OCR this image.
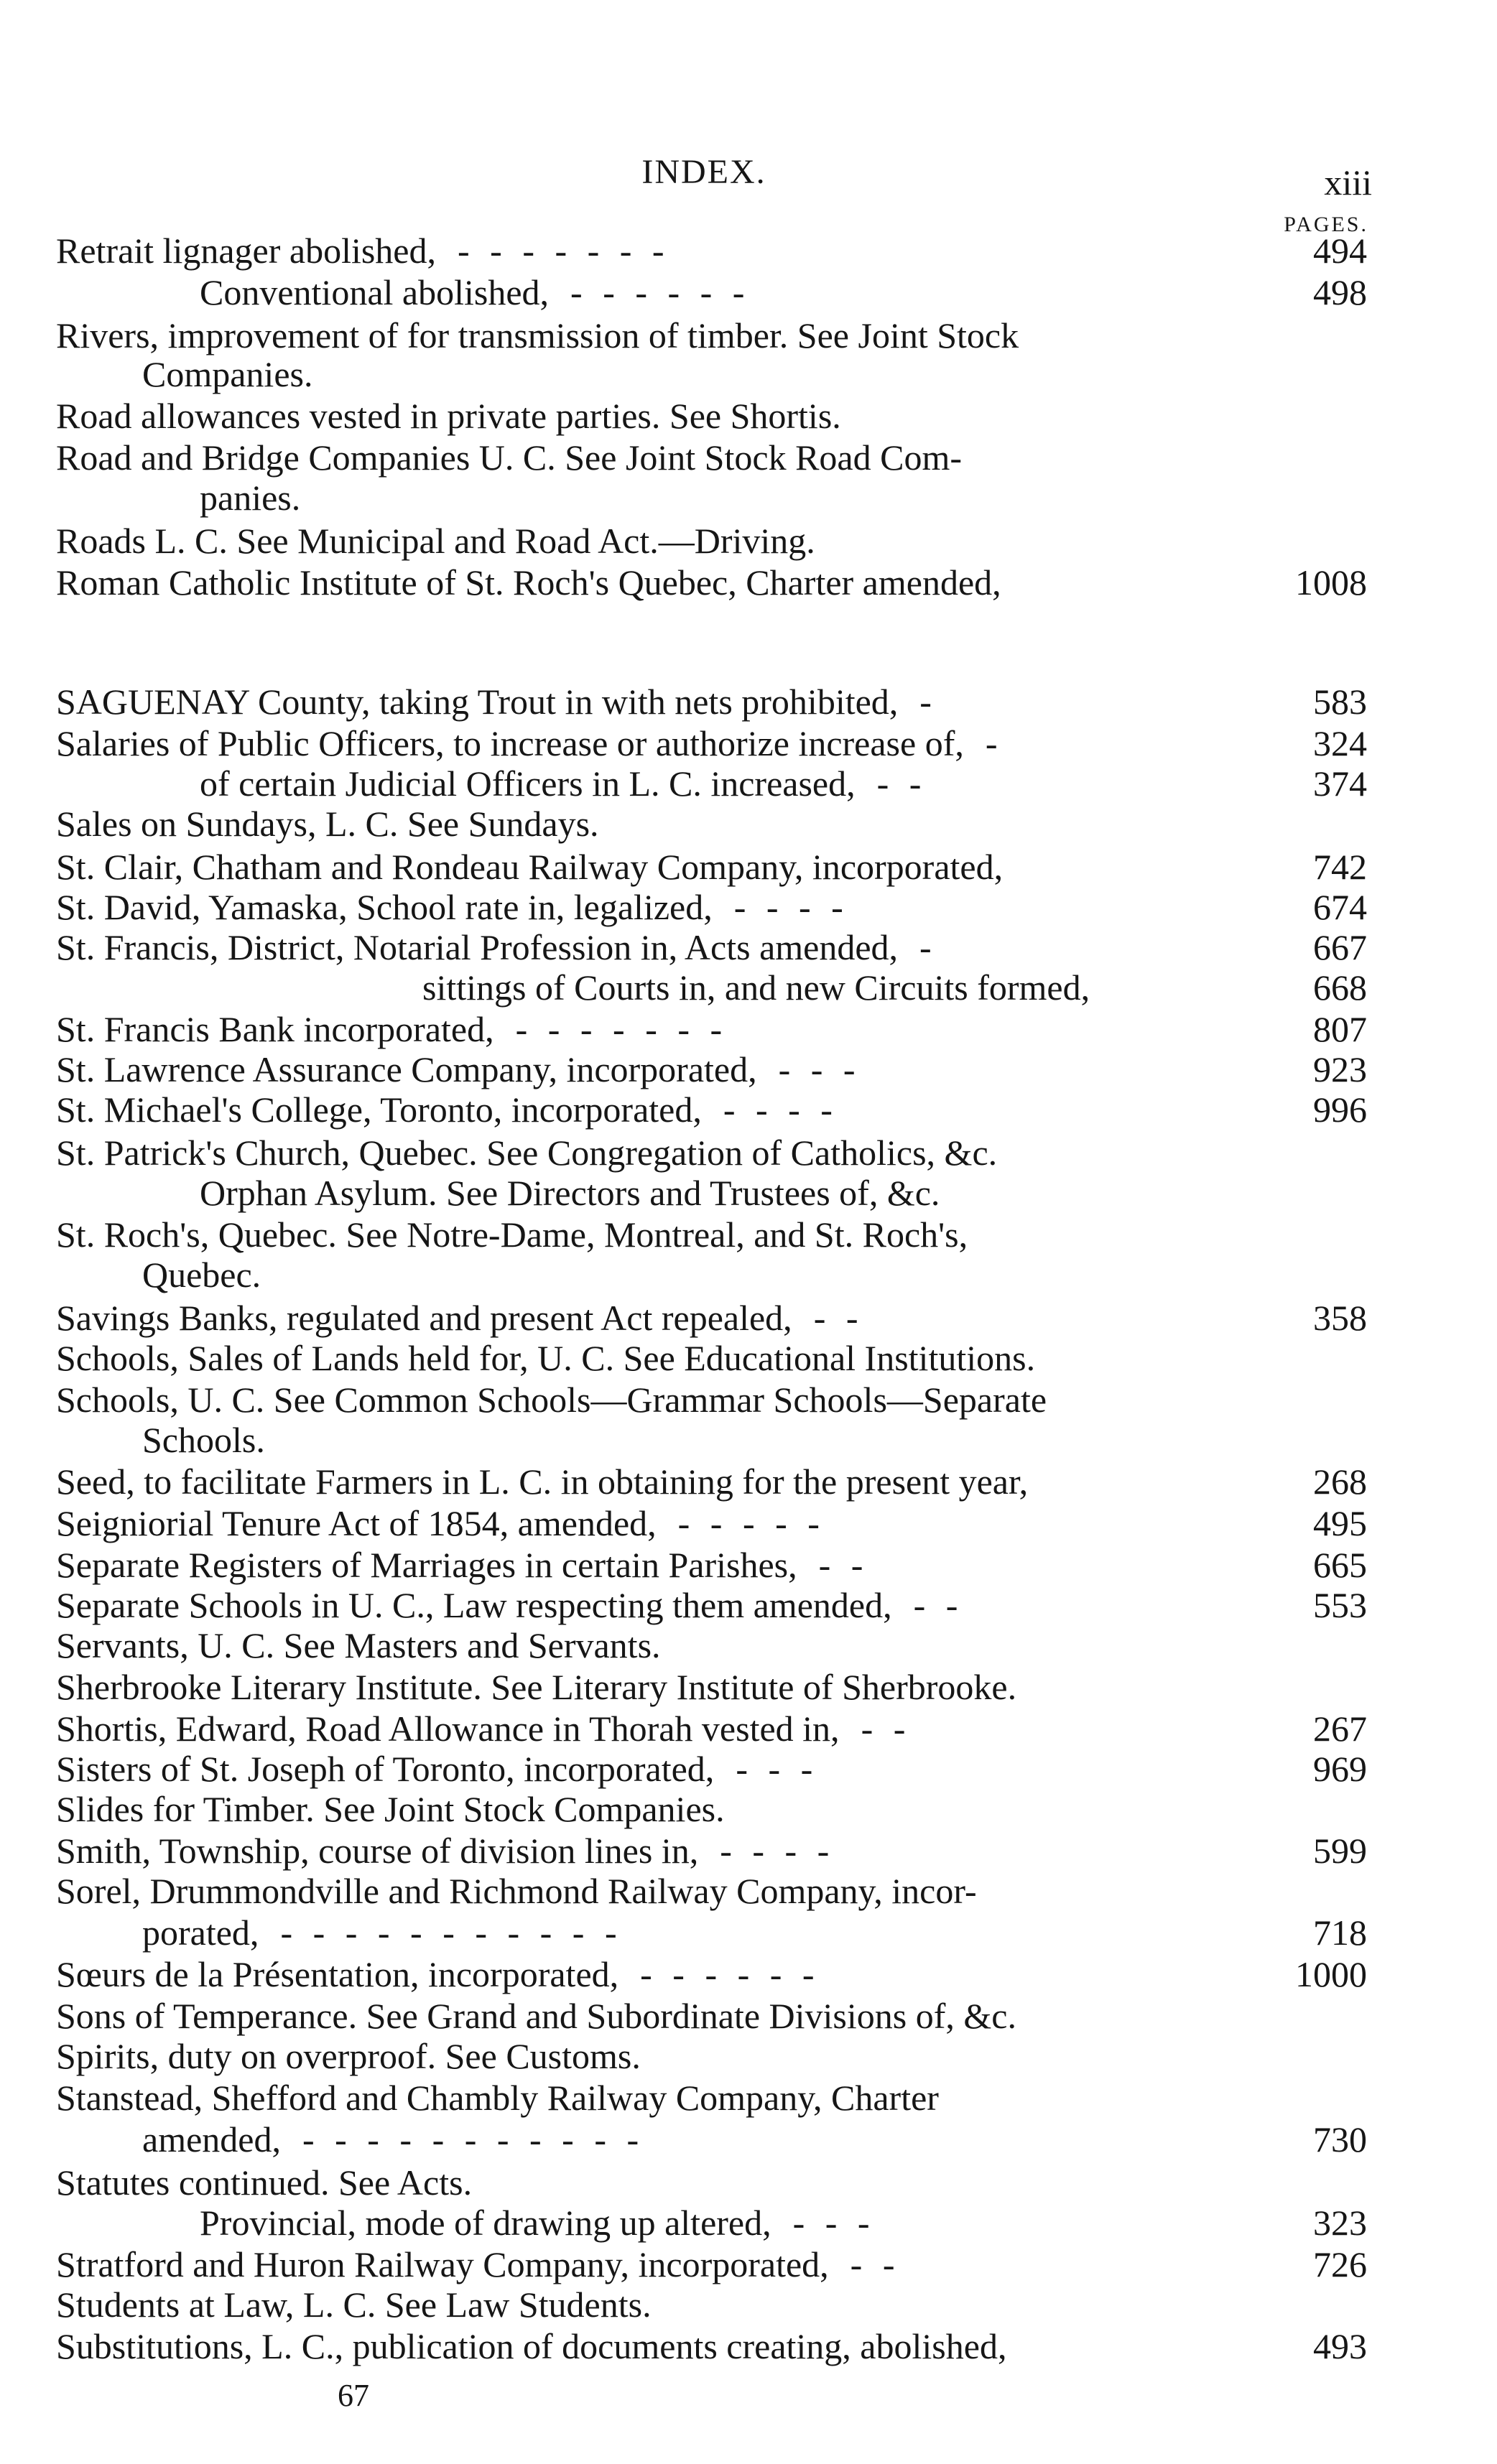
INDEX.	xiii
PAGES.
Retrait lignager abolished, - - - - - - -	494
Conventional abolished, - - - - - -	498
Rivers, improvement of for transmission of timber. See Joint Stock
Companies.
Road allowances vested in private parties. See Shortis.
Road and Bridge Companies U. C. See Joint Stock Road Com-
panies.
Roads L. C. See Municipal and Road Act.—Driving.
Roman Catholic Institute of St. Roch's Quebec, Charter amended,	1008
SAGUENAY County, taking Trout in with nets prohibited, -	583
Salaries of Public Officers, to increase or authorize increase of, -	324
of certain Judicial Officers in L. C. increased, - -	374
Sales on Sundays, L. C. See Sundays.
St. Clair, Chatham and Rondeau Railway Company, incorporated,	742
St. David, Yamaska, School rate in, legalized, - - - -	674
St. Francis, District, Notarial Profession in, Acts amended, -	667
sittings of Courts in, and new Circuits formed,	668
St. Francis Bank incorporated, - - - - - - -	807
St. Lawrence Assurance Company, incorporated, - - -	923
St. Michael's College, Toronto, incorporated, - - - -	996
St. Patrick's Church, Quebec. See Congregation of Catholics, &c.
Orphan Asylum. See Directors and Trustees of, &c.
St. Roch's, Quebec. See Notre-Dame, Montreal, and St. Roch's,
Quebec.
Savings Banks, regulated and present Act repealed, - -	358
Schools, Sales of Lands held for, U. C. See Educational Institutions.
Schools, U. C. See Common Schools—Grammar Schools—Separate
Schools.
Seed, to facilitate Farmers in L. C. in obtaining for the present year,	268
Seigniorial Tenure Act of 1854, amended, - - - - -	495
Separate Registers of Marriages in certain Parishes, - -	665
Separate Schools in U. C., Law respecting them amended, - -	553
Servants, U. C. See Masters and Servants.
Sherbrooke Literary Institute. See Literary Institute of Sherbrooke.
Shortis, Edward, Road Allowance in Thorah vested in, - -	267
Sisters of St. Joseph of Toronto, incorporated, - - -	969
Slides for Timber. See Joint Stock Companies.
Smith, Township, course of division lines in, - - - -	599
Sorel, Drummondville and Richmond Railway Company, incor-
porated, - - - - - - - - - - -	718
Sœurs de la Présentation, incorporated, - - - - - -	1000
Sons of Temperance. See Grand and Subordinate Divisions of, &c.
Spirits, duty on overproof. See Customs.
Stanstead, Shefford and Chambly Railway Company, Charter
amended, - - - - - - - - - - -	730
Statutes continued. See Acts.
Provincial, mode of drawing up altered, - - -	323
Stratford and Huron Railway Company, incorporated, - -	726
Students at Law, L. C. See Law Students.
Substitutions, L. C., publication of documents creating, abolished,	493
67
